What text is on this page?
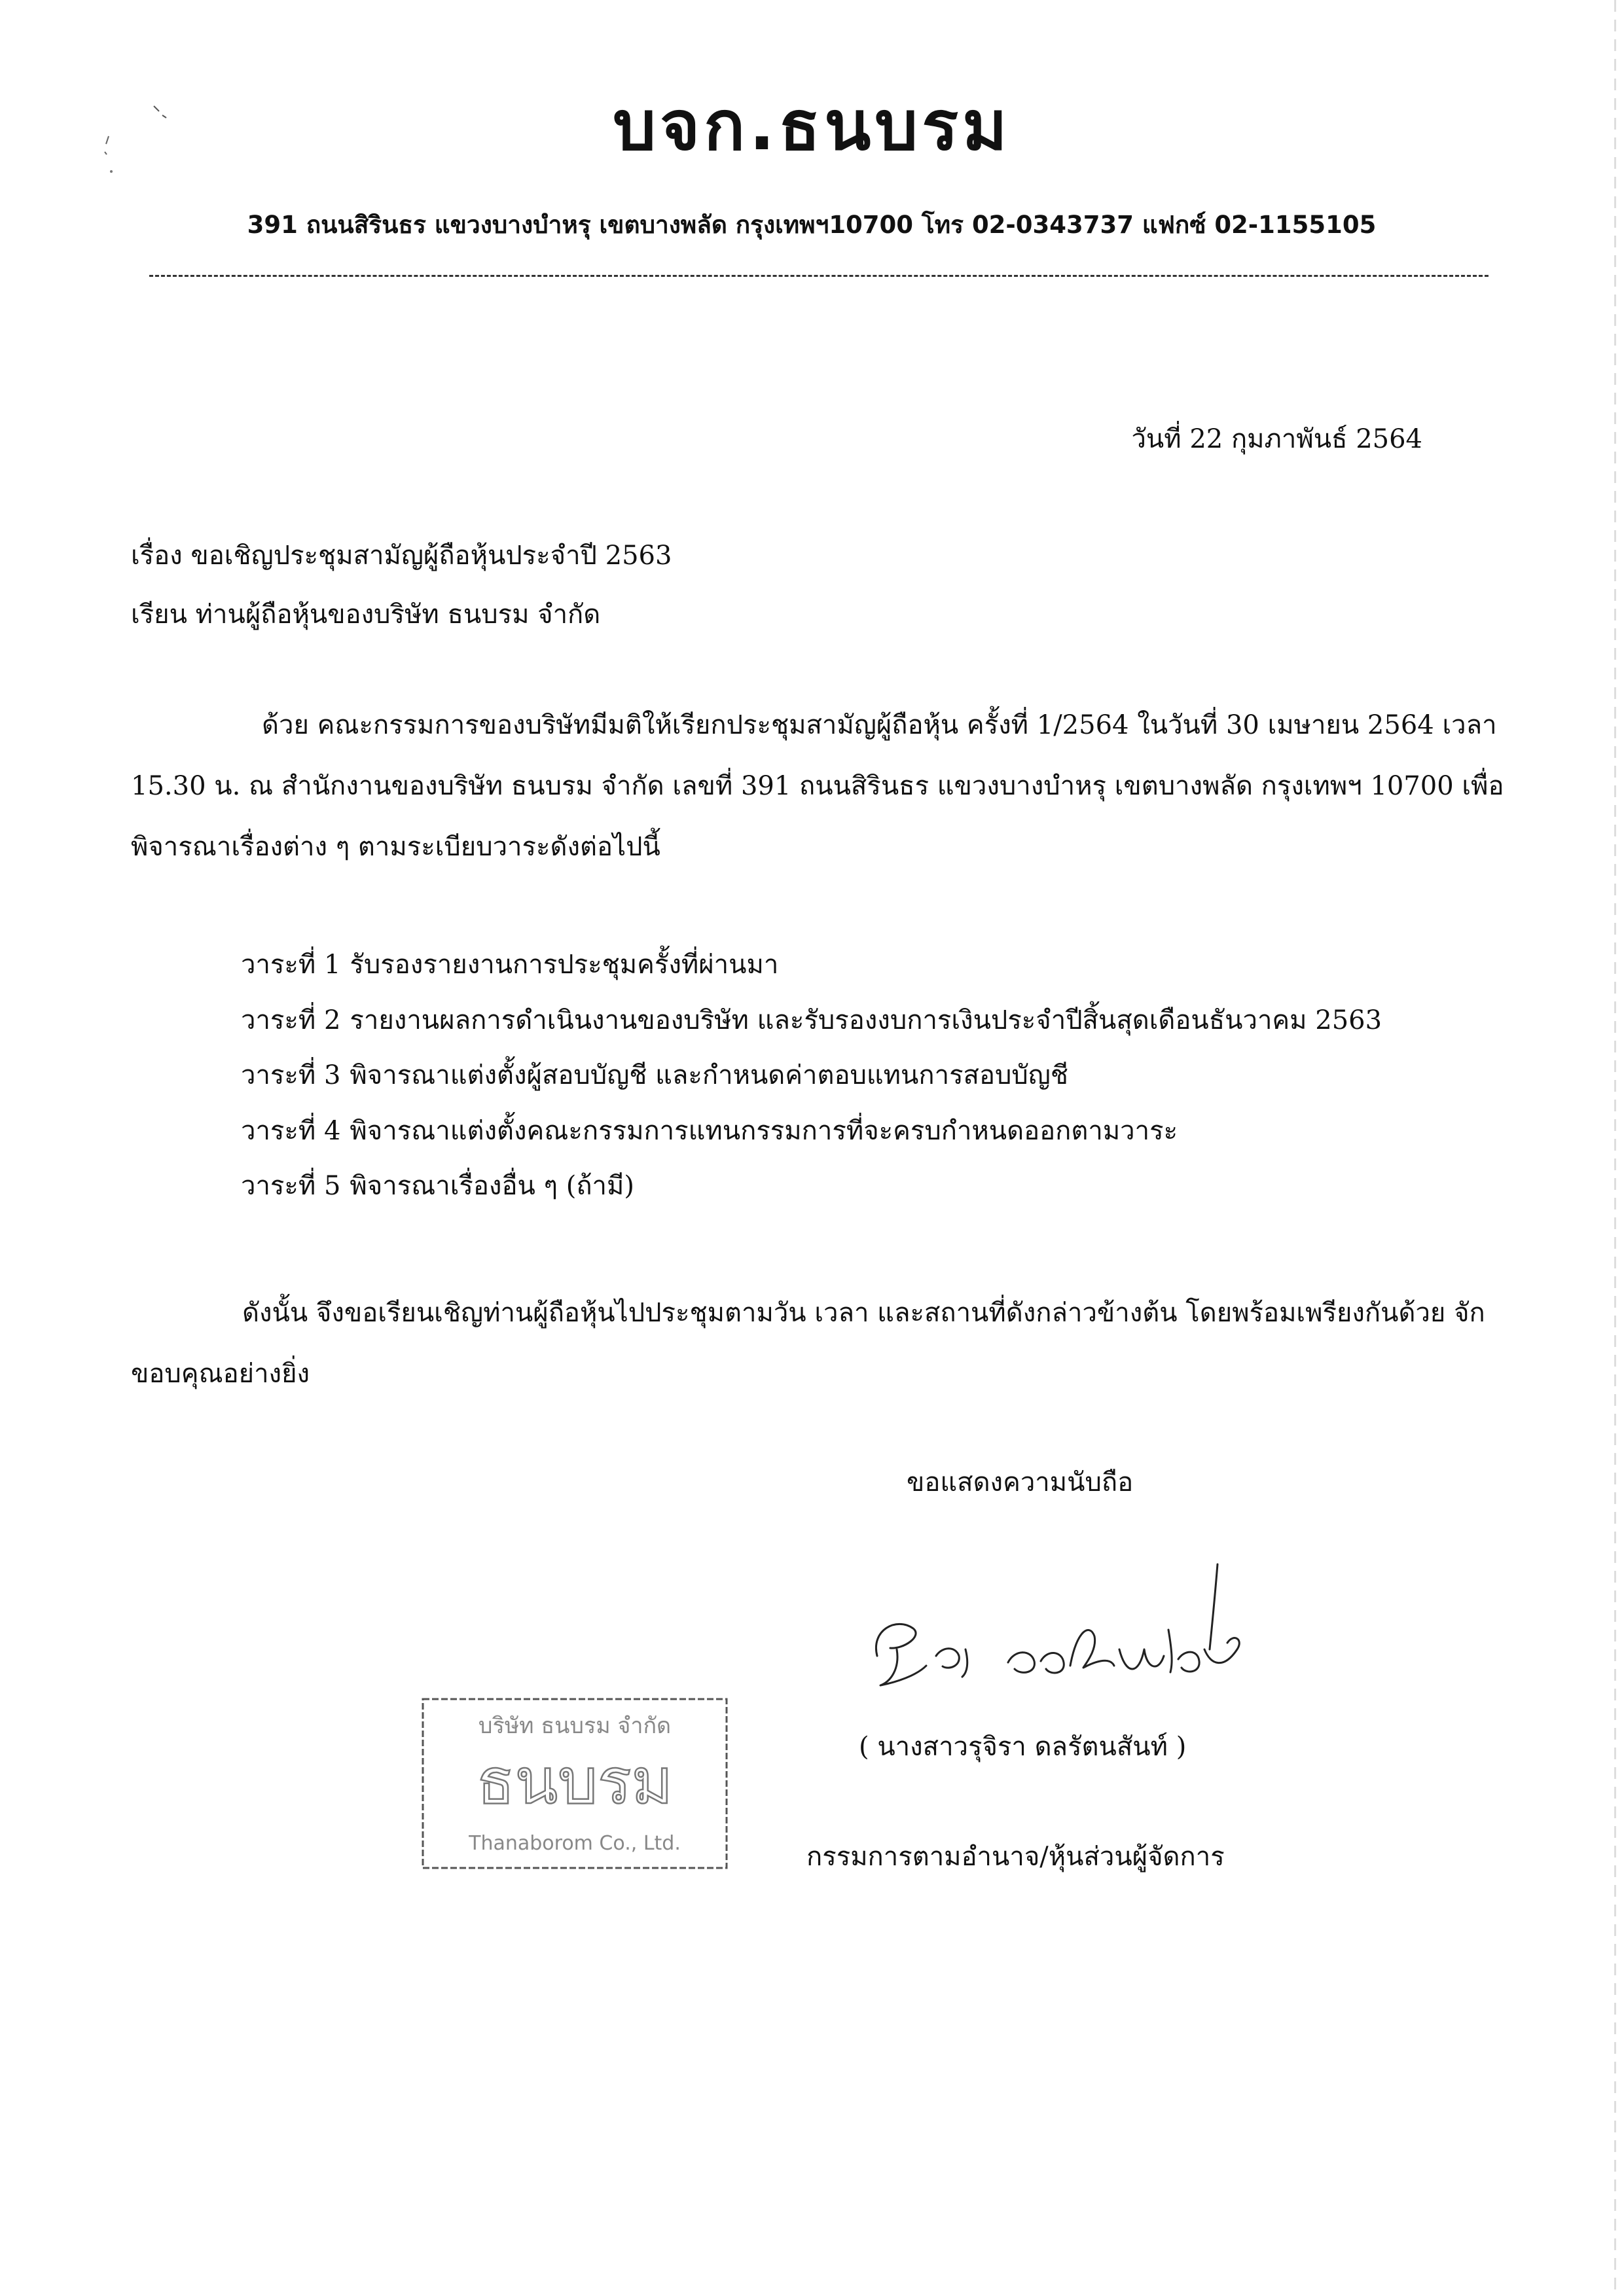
บจก.ธนบรม
391 ถนนสิรินธร แขวงบางบำหรุ เขตบางพลัด กรุงเทพฯ10700 โทร 02-0343737 แฟกซ์ 02-1155105
วันที่ 22 กุมภาพันธ์ 2564
เรื่อง ขอเชิญประชุมสามัญผู้ถือหุ้นประจำปี 2563
เรียน ท่านผู้ถือหุ้นของบริษัท ธนบรม จำกัด
ด้วย คณะกรรมการของบริษัทมีมติให้เรียกประชุมสามัญผู้ถือหุ้น ครั้งที่ 1/2564 ในวันที่ 30 เมษายน 2564 เวลา 15.30 น. ณ สำนักงานของบริษัท ธนบรม จำกัด เลขที่ 391 ถนนสิรินธร แขวงบางบำหรุ เขตบางพลัด กรุงเทพฯ 10700 เพื่อพิจารณาเรื่องต่าง ๆ ตามระเบียบวาระดังต่อไปนี้
วาระที่ 1 รับรองรายงานการประชุมครั้งที่ผ่านมา
วาระที่ 2 รายงานผลการดำเนินงานของบริษัท และรับรองงบการเงินประจำปีสิ้นสุดเดือนธันวาคม 2563
วาระที่ 3 พิจารณาแต่งตั้งผู้สอบบัญชี และกำหนดค่าตอบแทนการสอบบัญชี
วาระที่ 4 พิจารณาแต่งตั้งคณะกรรมการแทนกรรมการที่จะครบกำหนดออกตามวาระ
วาระที่ 5 พิจารณาเรื่องอื่น ๆ (ถ้ามี)
ดังนั้น จึงขอเรียนเชิญท่านผู้ถือหุ้นไปประชุมตามวัน เวลา และสถานที่ดังกล่าวข้างต้น โดยพร้อมเพรียงกันด้วย จักขอบคุณอย่างยิ่ง
ขอแสดงความนับถือ
( นางสาวรุจิรา ดลรัตนสันท์ )
กรรมการตามอำนาจ/หุ้นส่วนผู้จัดการ
บริษัท ธนบรม จำกัด
ธนบรม
Thanaborom Co., Ltd.
